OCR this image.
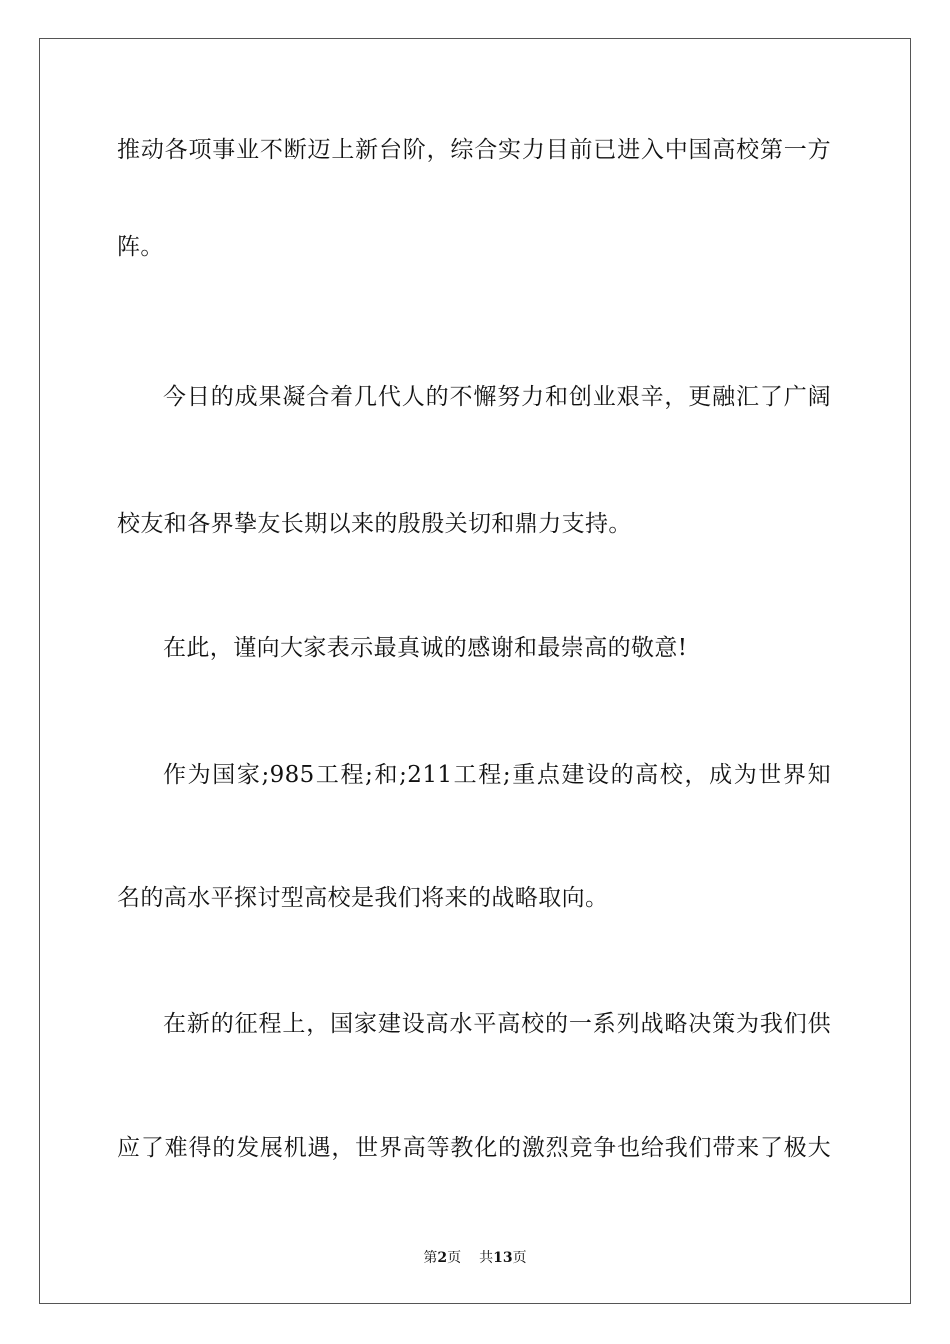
推动各项事业不断迈上新台阶，综合实力目前已进入中国高校第一方
阵。
今日的成果凝合着几代人的不懈努力和创业艰辛，更融汇了广阔
校友和各界挚友长期以来的殷殷关切和鼎力支持。
在此，谨向大家表示最真诚的感谢和最崇高的敬意!
作为国家;985工程;和;211工程;重点建设的高校，成为世界知
名的高水平探讨型高校是我们将来的战略取向。
在新的征程上，国家建设高水平高校的一系列战略决策为我们供
应了难得的发展机遇，世界高等教化的激烈竞争也给我们带来了极大
第2页 共13页
